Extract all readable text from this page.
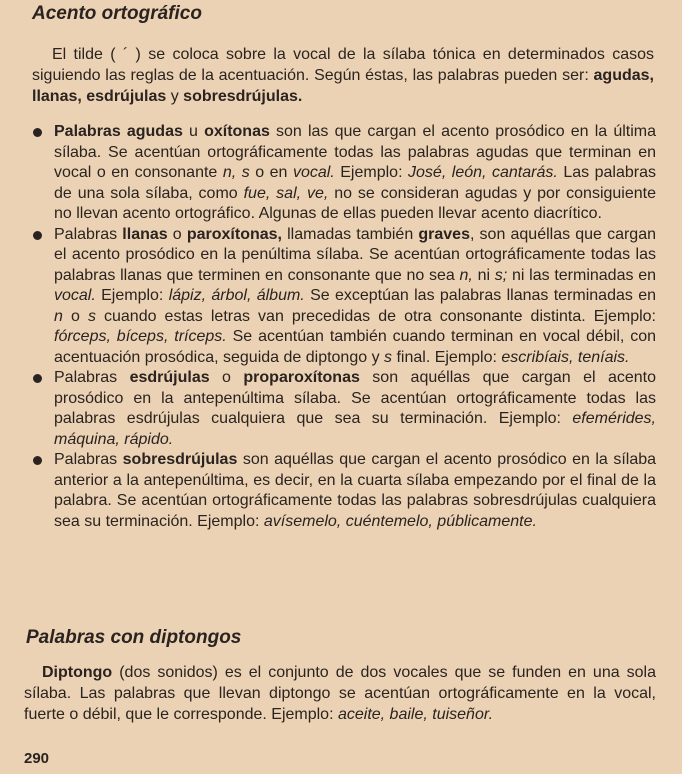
Acento ortográfico

El tilde ( ´ ) se coloca sobre la vocal de la sílaba tónica en determinados casos siguiendo las reglas de la acentuación. Según éstas, las palabras pueden ser: agudas, llanas, esdrújulas y sobresdrújulas.

Palabras agudas u oxítonas son las que cargan el acento prosódico en la última sílaba. Se acentúan ortográficamente todas las palabras agudas que terminan en vocal o en consonante n, s o en vocal. Ejemplo: José, león, cantarás. Las palabras de una sola sílaba, como fue, sal, ve, no se consideran agudas y por consiguiente no llevan acento ortográfico. Algunas de ellas pueden llevar acento diacrítico.
Palabras llanas o paroxítonas, llamadas también graves, son aquéllas que cargan el acento prosódico en la penúltima sílaba. Se acentúan ortográficamente todas las palabras llanas que terminen en consonante que no sea n, ni s; ni las terminadas en vocal. Ejemplo: lápiz, árbol, álbum. Se exceptúan las palabras llanas terminadas en n o s cuando estas letras van precedidas de otra consonante distinta. Ejemplo: fórceps, bíceps, tríceps. Se acentúan también cuando terminan en vocal débil, con acentuación prosódica, seguida de diptongo y s final. Ejemplo: escribíais, teníais.
Palabras esdrújulas o proparoxítonas son aquéllas que cargan el acento prosódico en la antepenúltima sílaba. Se acentúan ortográficamente todas las palabras esdrújulas cualquiera que sea su terminación. Ejemplo: efemérides, máquina, rápido.
Palabras sobresdrújulas son aquéllas que cargan el acento prosódico en la sílaba anterior a la antepenúltima, es decir, en la cuarta sílaba empezando por el final de la palabra. Se acentúan ortográficamente todas las palabras sobresdrújulas cualquiera sea su terminación. Ejemplo: avísemelo, cuéntemelo, públicamente.
Palabras con diptongos

Diptongo (dos sonidos) es el conjunto de dos vocales que se funden en una sola sílaba. Las palabras que llevan diptongo se acentúan ortográficamente en la vocal, fuerte o débil, que le corresponde. Ejemplo: aceite, baile, tuiseñor.

290
